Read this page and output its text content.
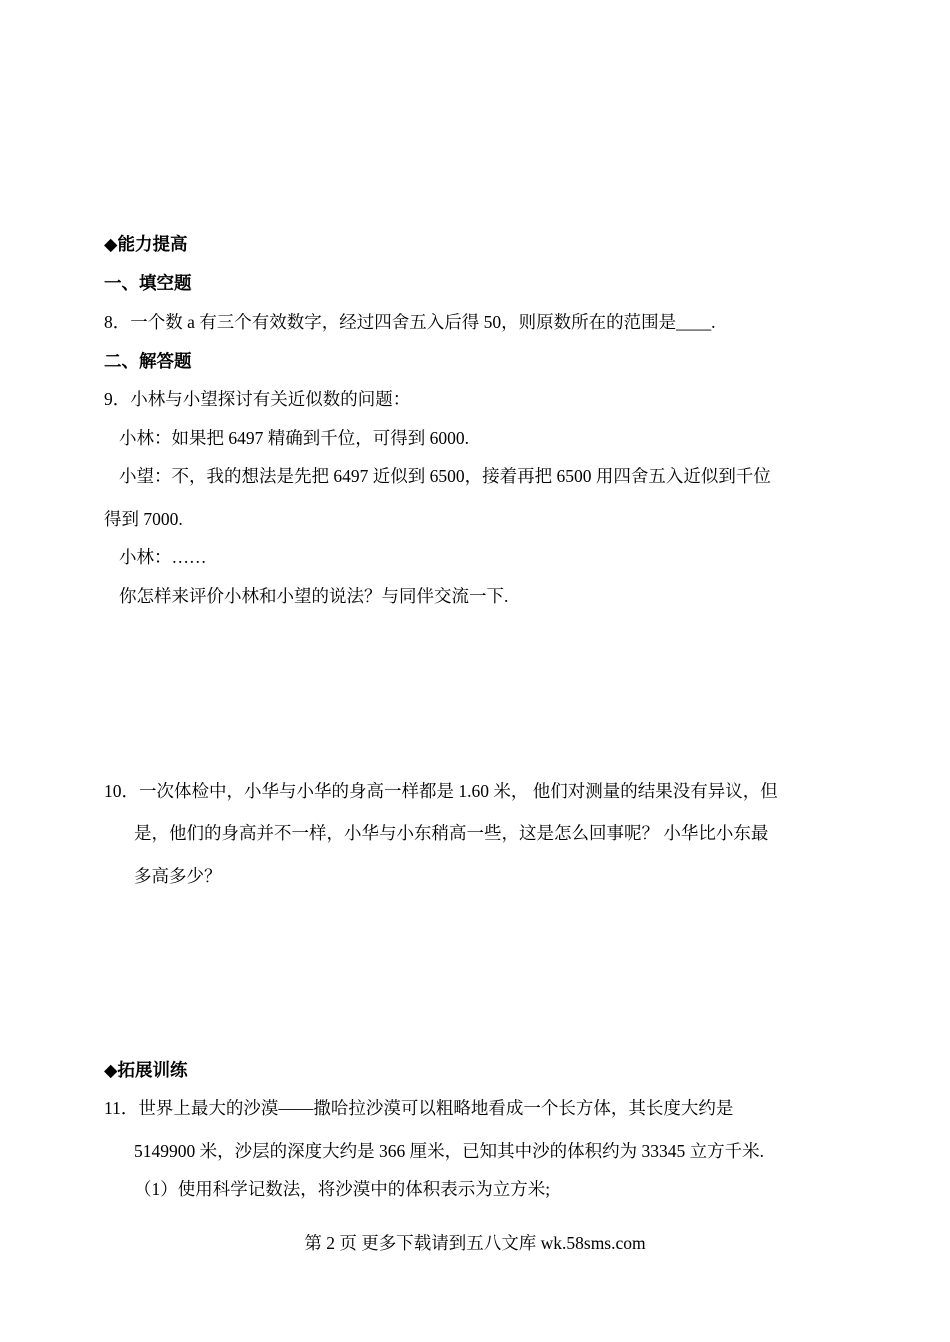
◆能力提高
一、填空题
8．一个数 a 有三个有效数字，经过四舍五入后得 50，则原数所在的范围是____.
二、解答题
9．小林与小望探讨有关近似数的问题：
小林：如果把 6497 精确到千位，可得到 6000.
小望：不，我的想法是先把 6497 近似到 6500，接着再把 6500 用四舍五入近似到千位
得到 7000.
小林：……
你怎样来评价小林和小望的说法？与同伴交流一下.
10．一次体检中，小华与小华的身高一样都是 1.60 米， 他们对测量的结果没有异议，但
是，他们的身高并不一样，小华与小东稍高一些，这是怎么回事呢？ 小华比小东最
多高多少？
◆拓展训练
11．世界上最大的沙漠——撒哈拉沙漠可以粗略地看成一个长方体，其长度大约是
5149900 米，沙层的深度大约是 366 厘米，已知其中沙的体积约为 33345 立方千米.
（1）使用科学记数法，将沙漠中的体积表示为立方米;
第 2 页 更多下载请到五八文库 wk.58sms.com
